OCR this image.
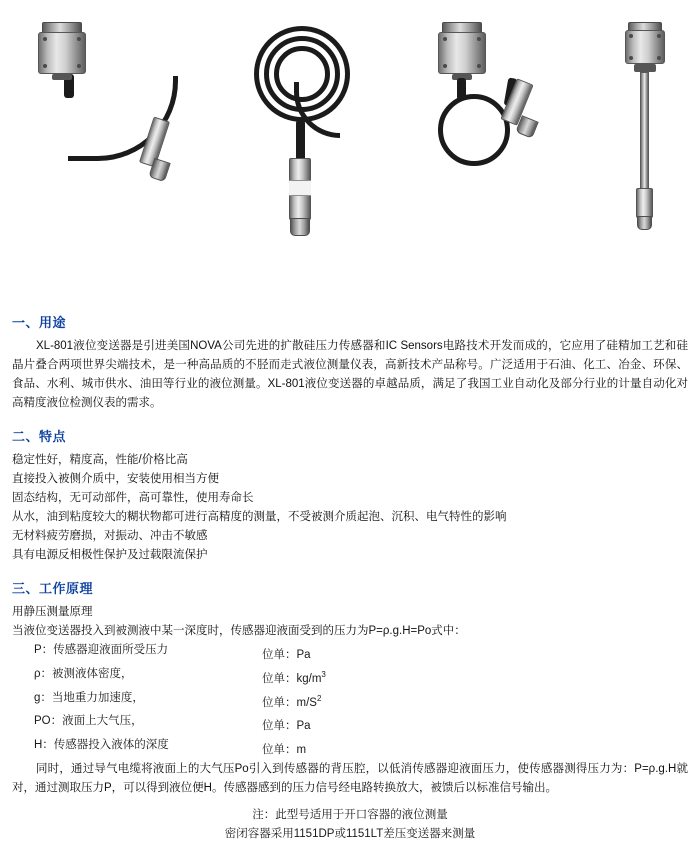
一、用途

XL-801液位变送器是引进美国NOVA公司先进的扩散硅压力传感器和IC Sensors电路技术开发而成的，它应用了硅精加工艺和硅晶片叠合两项世界尖端技术，是一种高品质的不胫而走式液位测量仪表，高新技术产品称号。广泛适用于石油、化工、冶金、环保、食品、水利、城市供水、油田等行业的液位测量。XL-801液位变送器的卓越品质，满足了我国工业自动化及部分行业的计量自动化对高精度液位检测仪表的需求。

二、特点

稳定性好，精度高，性能/价格比高

直接投入被侧介质中，安装使用相当方便

固态结构，无可动部件，高可靠性，使用寿命长

从水，油到粘度较大的糊状物都可进行高精度的测量，不受被测介质起泡、沉积、电气特性的影响

无材料疲劳磨损，对振动、冲击不敏感

具有电源反相极性保护及过载限流保护

三、工作原理

用静压测量原理

当液位变送器投入到被测液中某一深度时，传感器迎液面受到的压力为P=ρ.g.H=Po式中：

P：传感器迎液面所受压力	位单：Pa
ρ：被测液体密度，	位单：$kg/m^3$
g：当地重力加速度，	位单：$m/S^2$
PO：液面上大气压，	位单：Pa
H：传感器投入液体的深度	位单：m

同时，通过导气电缆将液面上的大气压Po引入到传感器的背压腔，以低消传感器迎液面压力，使传感器测得压力为：P=ρ.g.H就对，通过测取压力P，可以得到液位便H。传感器感到的压力信号经电路转换放大，被馈后以标准信号输出。

注：此型号适用于开口容器的液位测量

密闭容器采用1151DP或1151LT差压变送器来测量
